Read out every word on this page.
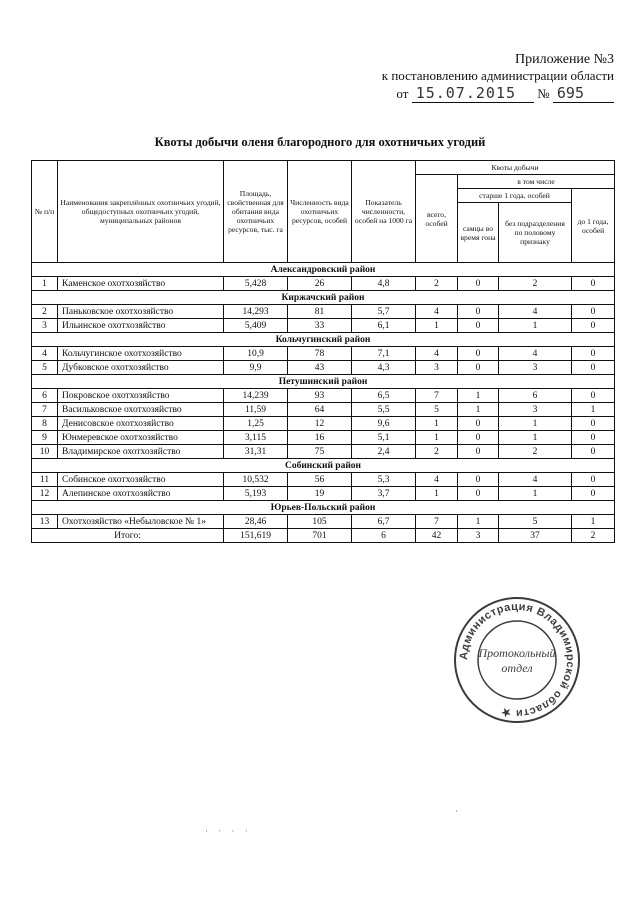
Приложение №3
к постановлению администрации области
от 15.07.2015 № 695
Квоты добычи оленя благородного для охотничьих угодий
№ п/п	Наименования закреплённых охотничьих угодий, общедоступных охотничьих угодий, муниципальных районов	Площадь, свойственная для обитания вида охотничьих ресурсов, тыс. га	Численность вида охотничьих ресурсов, особей	Показатель численности, особей на 1000 га	Квоты добычи			
					всего, особей	в том числе		
						старше 1 года, особей		до 1 года, особей
						самцы во время гона	без подразделения по половому признаку	
Александровский район								
1	Каменское охотхозяйство	5,428	26	4,8	2	0	2	0
Киржачский район								
2	Паньковское охотхозяйство	14,293	81	5,7	4	0	4	0
3	Ильинское охотхозяйство	5,409	33	6,1	1	0	1	0
Кольчугинский район								
4	Кольчугинское охотхозяйство	10,9	78	7,1	4	0	4	0
5	Дубковское охотхозяйство	9,9	43	4,3	3	0	3	0
Петушинский район								
6	Покровское охотхозяйство	14,239	93	6,5	7	1	6	0
7	Васильковское охотхозяйство	11,59	64	5,5	5	1	3	1
8	Денисовское охотхозяйство	1,25	12	9,6	1	0	1	0
9	Юнмеревское охотхозяйство	3,115	16	5,1	1	0	1	0
10	Владимирское охотхозяйство	31,31	75	2,4	2	0	2	0
Собинский район								
11	Собинское охотхозяйство	10,532	56	5,3	4	0	4	0
12	Алепинское охотхозяйство	5,193	19	3,7	1	0	1	0
Юрьев-Польский район								
13	Охотхозяйство «Небыловское № 1»	28,46	105	6,7	7	1	5	1
Итого:		151,619	701	6	42	3	37	2
Администрация Владимирской области ★
Протокольный
отдел
· · · ·
·
